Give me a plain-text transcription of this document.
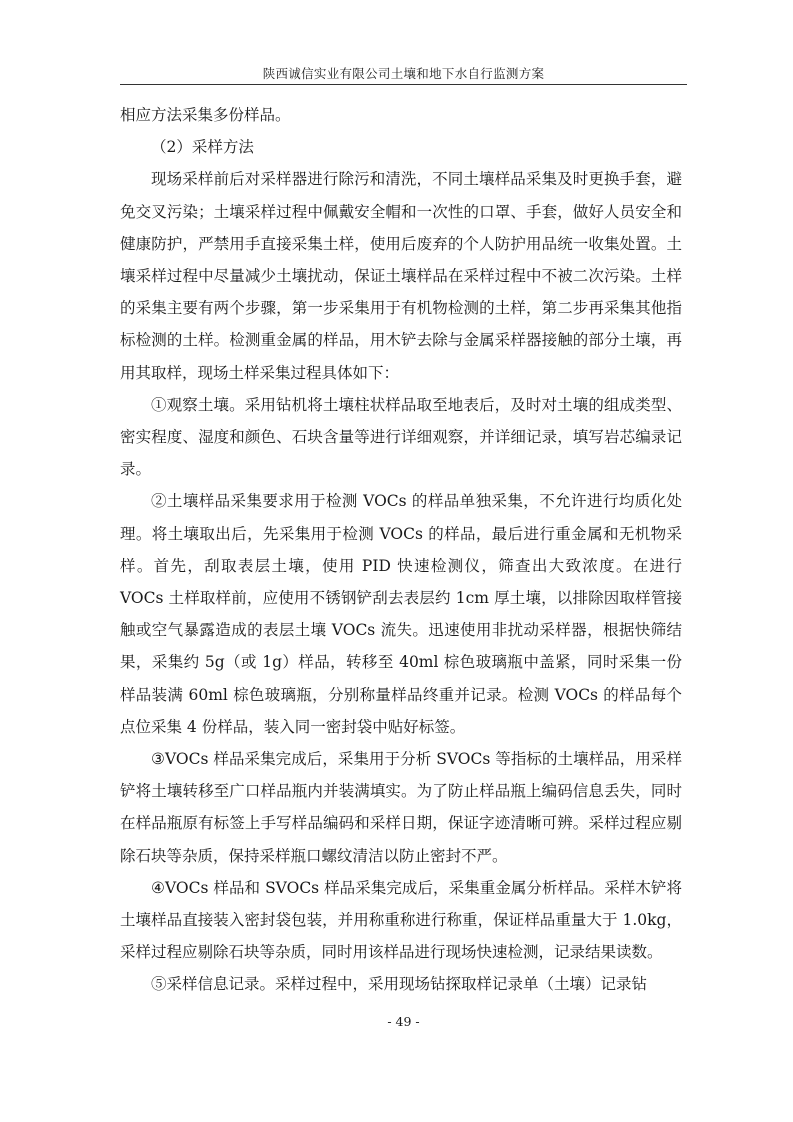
陕西诚信实业有限公司土壤和地下水自行监测方案

相应方法采集多份样品。

（2）采样方法

现场采样前后对采样器进行除污和清洗，不同土壤样品采集及时更换手套，避免交叉污染；土壤采样过程中佩戴安全帽和一次性的口罩、手套，做好人员安全和健康防护，严禁用手直接采集土样，使用后废弃的个人防护用品统一收集处置。土壤采样过程中尽量减少土壤扰动，保证土壤样品在采样过程中不被二次污染。土样的采集主要有两个步骤，第一步采集用于有机物检测的土样，第二步再采集其他指标检测的土样。检测重金属的样品，用木铲去除与金属采样器接触的部分土壤，再用其取样，现场土样采集过程具体如下：

①观察土壤。采用钻机将土壤柱状样品取至地表后，及时对土壤的组成类型、密实程度、湿度和颜色、石块含量等进行详细观察，并详细记录，填写岩芯编录记录。

②土壤样品采集要求用于检测 VOCs 的样品单独采集，不允许进行均质化处理。将土壤取出后，先采集用于检测 VOCs 的样品，最后进行重金属和无机物采样。首先，刮取表层土壤，使用 PID 快速检测仪，筛查出大致浓度。在进行 VOCs 土样取样前，应使用不锈钢铲刮去表层约 1cm 厚土壤，以排除因取样管接触或空气暴露造成的表层土壤 VOCs 流失。迅速使用非扰动采样器，根据快筛结果，采集约 5g（或 1g）样品，转移至 40ml 棕色玻璃瓶中盖紧，同时采集一份样品装满 60ml 棕色玻璃瓶，分别称量样品终重并记录。检测 VOCs 的样品每个点位采集 4 份样品，装入同一密封袋中贴好标签。

③VOCs 样品采集完成后，采集用于分析 SVOCs 等指标的土壤样品，用采样铲将土壤转移至广口样品瓶内并装满填实。为了防止样品瓶上编码信息丢失，同时在样品瓶原有标签上手写样品编码和采样日期，保证字迹清晰可辨。采样过程应剔除石块等杂质，保持采样瓶口螺纹清洁以防止密封不严。

④VOCs 样品和 SVOCs 样品采集完成后，采集重金属分析样品。采样木铲将土壤样品直接装入密封袋包装，并用称重称进行称重，保证样品重量大于 1.0kg，采样过程应剔除石块等杂质，同时用该样品进行现场快速检测，记录结果读数。

⑤采样信息记录。采样过程中，采用现场钻探取样记录单（土壤）记录钻

- 49 -
